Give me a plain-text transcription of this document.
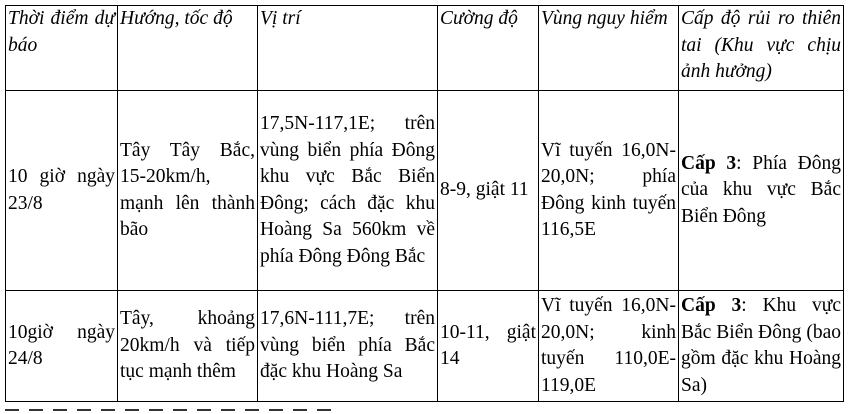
Thời điểm dự báo	Hướng, tốc độ	Vị trí	Cường độ	Vùng nguy hiểm	Cấp độ rủi ro thiên tai (Khu vực chịu ảnh hưởng)
10 giờ ngày 23/8	Tây Tây Bắc, 15-20km/h, mạnh lên thành bão	17,5N-117,1E; trên vùng biển phía Đông khu vực Bắc Biển Đông; cách đặc khu Hoàng Sa 560km về phía Đông Đông Bắc	8-9, giật 11	Vĩ tuyến 16,0N-20,0N; phía Đông kinh tuyến 116,5E	Cấp 3: Phía Đông của khu vực Bắc Biển Đông
10giờ ngày 24/8	Tây, khoảng 20km/h và tiếp tục mạnh thêm	17,6N-111,7E; trên vùng biển phía Bắc đặc khu Hoàng Sa	10-11, giật 14	Vĩ tuyến 16,0N-20,0N; kinh tuyến 110,0E-119,0E	Cấp 3: Khu vực Bắc Biển Đông (bao gồm đặc khu Hoàng Sa)
